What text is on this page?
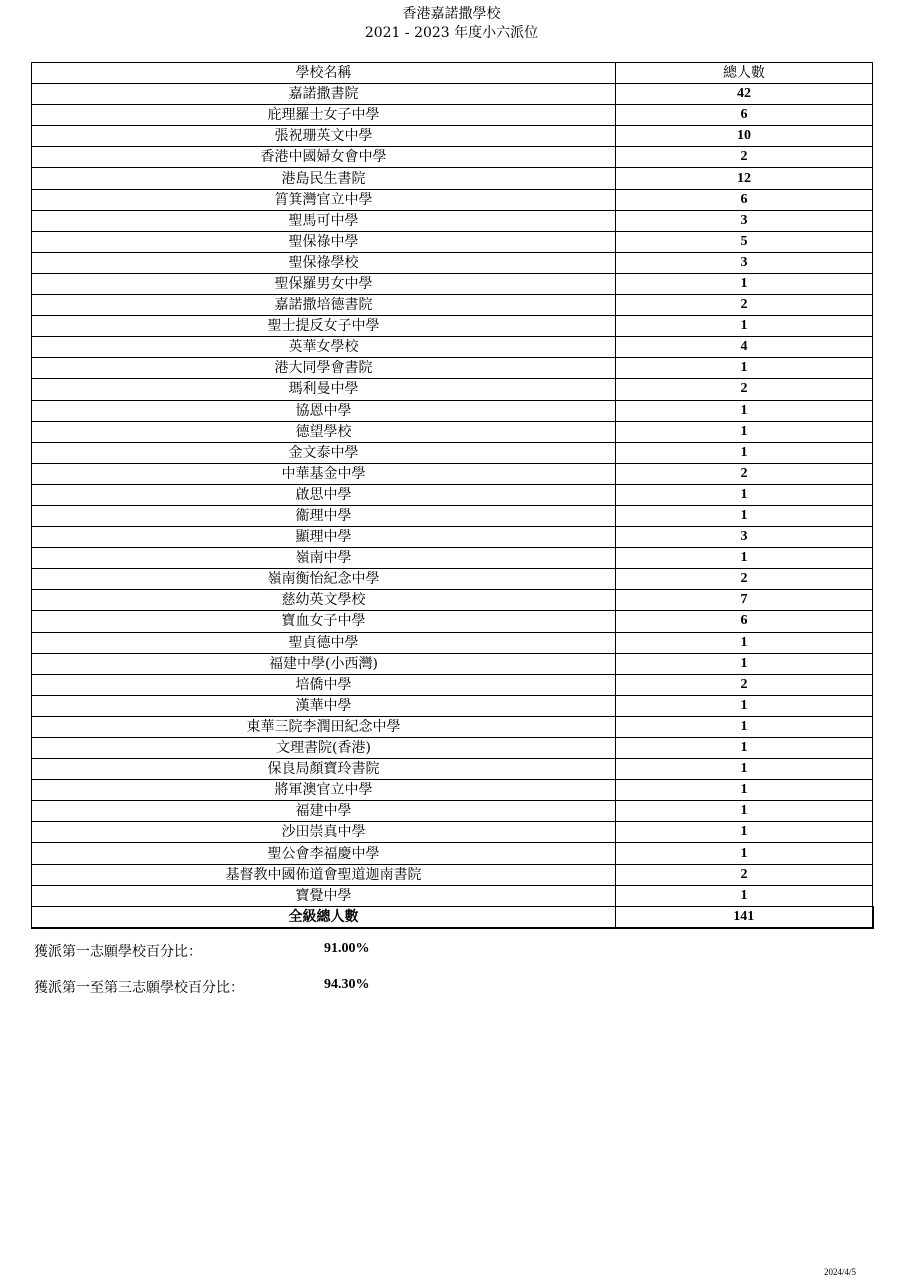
香港嘉諾撒學校
2021 - 2023 年度小六派位
學校名稱	總人數
嘉諾撒書院	42
庇理羅士女子中學	6
張祝珊英文中學	10
香港中國婦女會中學	2
港島民生書院	12
筲箕灣官立中學	6
聖馬可中學	3
聖保祿中學	5
聖保祿學校	3
聖保羅男女中學	1
嘉諾撒培德書院	2
聖士提反女子中學	1
英華女學校	4
港大同學會書院	1
瑪利曼中學	2
協恩中學	1
德望學校	1
金文泰中學	1
中華基金中學	2
啟思中學	1
衞理中學	1
顯理中學	3
嶺南中學	1
嶺南衡怡紀念中學	2
慈幼英文學校	7
寶血女子中學	6
聖貞德中學	1
福建中學(小西灣)	1
培僑中學	2
漢華中學	1
東華三院李潤田紀念中學	1
文理書院(香港)	1
保良局顏寶玲書院	1
將軍澳官立中學	1
福建中學	1
沙田崇真中學	1
聖公會李福慶中學	1
基督教中國佈道會聖道迦南書院	2
寶覺中學	1
全級總人數	141
獲派第一志願學校百分比：	91.00%
獲派第一至第三志願學校百分比：	94.30%
2024/4/5
